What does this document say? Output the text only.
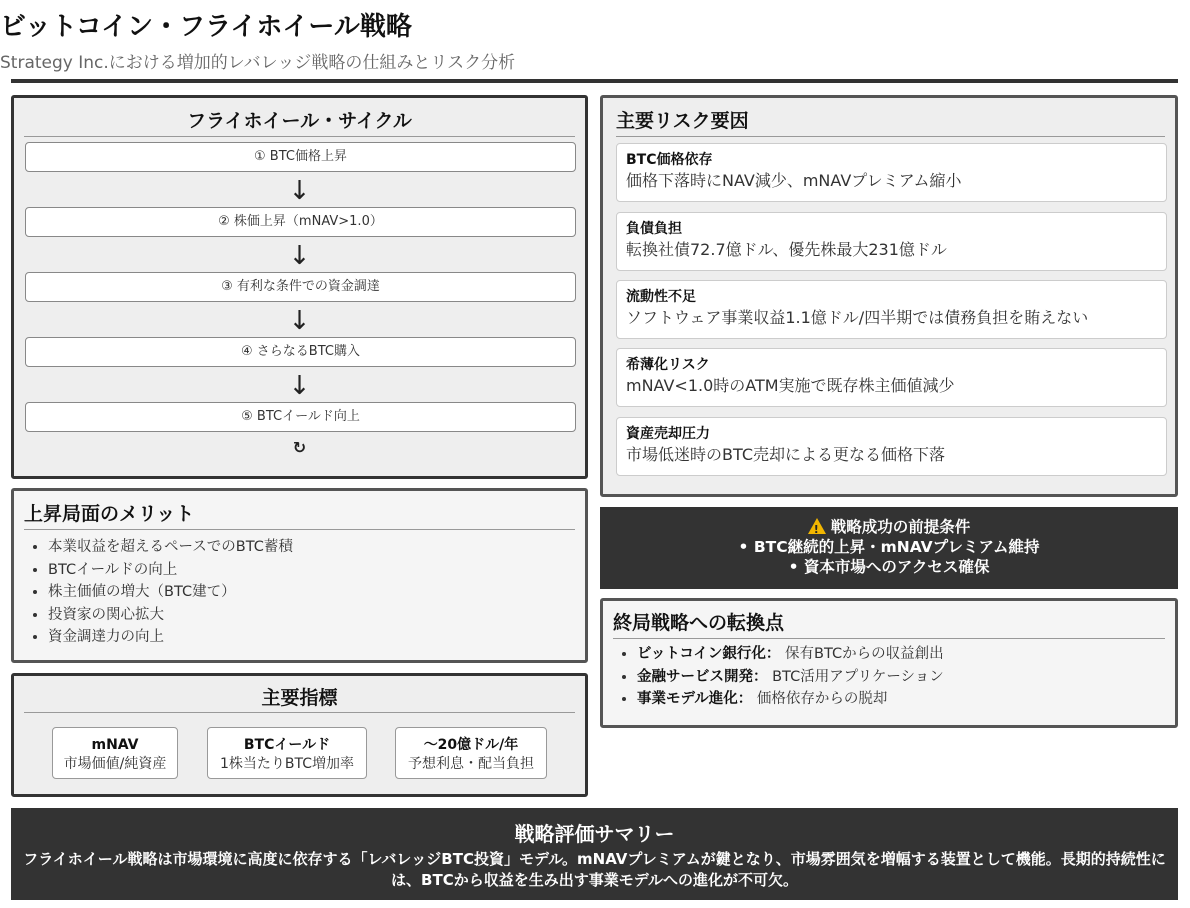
ビットコイン・フライホイール戦略
Strategy Inc.における増加的レバレッジ戦略の仕組みとリスク分析
フライホイール・サイクル
① BTC価格上昇
↓
② 株価上昇（mNAV>1.0）
↓
③ 有利な条件での資金調達
↓
④ さらなるBTC購入
↓
⑤ BTCイールド向上
↻
上昇局面のメリット
• 本業収益を超えるペースでのBTC蓄積
• BTCイールドの向上
• 株主価値の増大（BTC建て）
• 投資家の関心拡大
• 資金調達力の向上
主要指標
mNAV
市場価値/純資産
BTCイールド
1株当たりBTC増加率
～20億ドル/年
予想利息・配当負担
主要リスク要因
BTC価格依存
価格下落時にNAV減少、mNAVプレミアム縮小
負債負担
転換社債72.7億ドル、優先株最大231億ドル
流動性不足
ソフトウェア事業収益1.1億ドル/四半期では債務負担を賄えない
希薄化リスク
mNAV<1.0時のATM実施で既存株主価値減少
資産売却圧力
市場低迷時のBTC売却による更なる価格下落
!戦略成功の前提条件
• BTC継続的上昇・mNAVプレミアム維持
• 資本市場へのアクセス確保
終局戦略への転換点
• ビットコイン銀行化： 保有BTCからの収益創出
• 金融サービス開発： BTC活用アプリケーション
• 事業モデル進化： 価格依存からの脱却
戦略評価サマリー
フライホイール戦略は市場環境に高度に依存する「レバレッジBTC投資」モデル。mNAVプレミアムが鍵となり、市場雰囲気を増幅する装置として機能。長期的持続性には、BTCから収益を生み出す事業モデルへの進化が不可欠。
